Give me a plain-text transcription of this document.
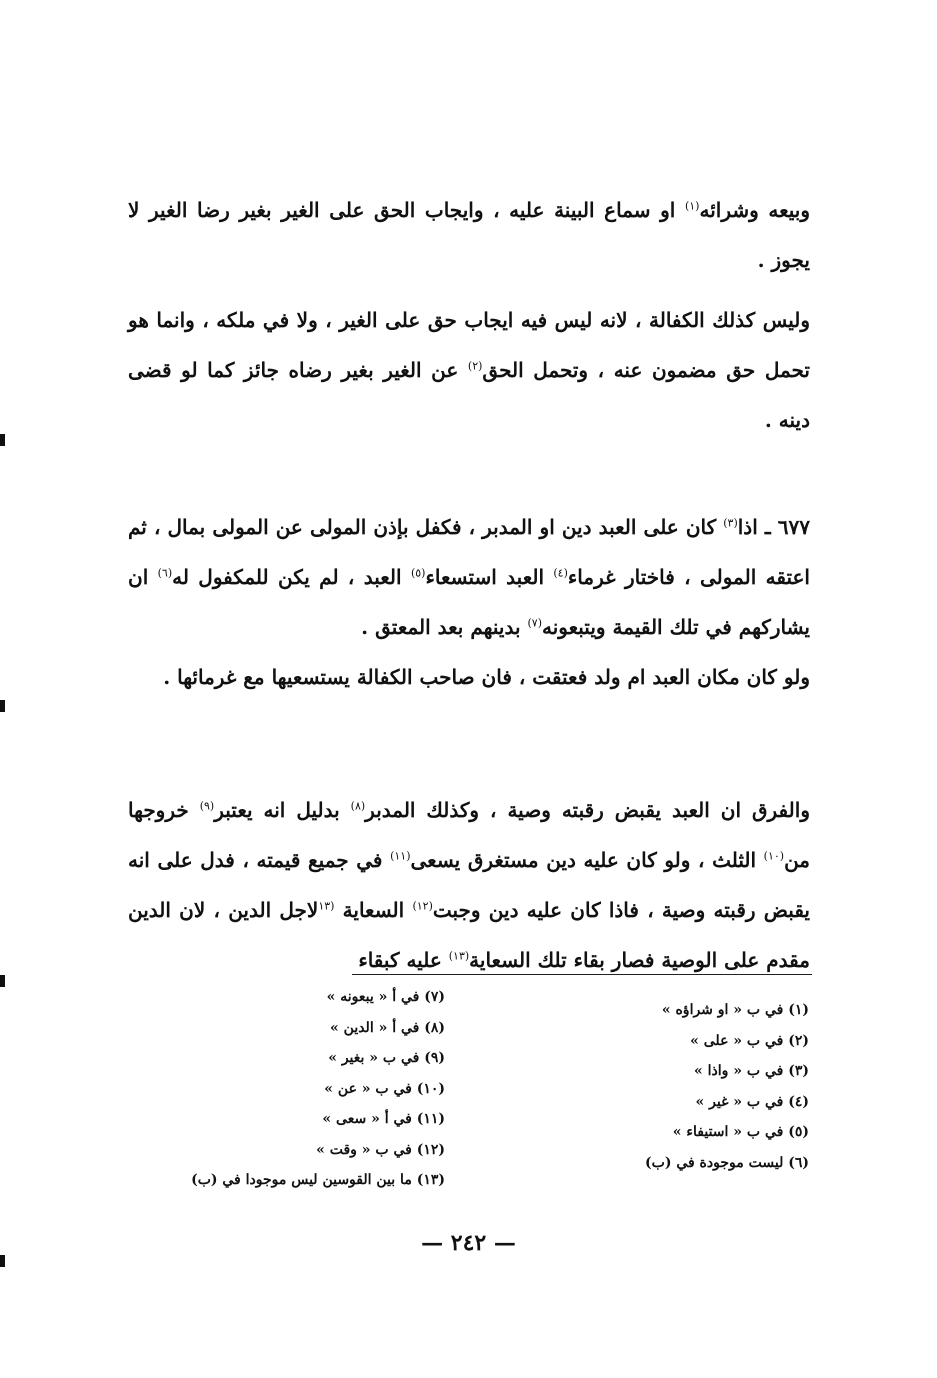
وبيعه وشرائه$^{(١)}$ او سماع البينة عليه ، وايجاب الحق على الغير بغير رضا الغير لا يجوز .

وليس كذلك الكفالة ، لانه ليس فيه ايجاب حق على الغير ، ولا في ملكه ، وانما هو تحمل حق مضمون عنه ، وتحمل الحق$^{(٢)}$ عن الغير بغير رضاه جائز كما لو قضى دينه .

٦٧٧ ـ اذا$^{(٣)}$ كان على العبد دين او المدبر ، فكفل بإذن المولى عن المولى بمال ، ثم اعتقه المولى ، فاختار غرماء$^{(٤)}$ العبد استسعاء$^{(٥)}$ العبد ، لم يكن للمكفول له$^{(٦)}$ ان يشاركهم في تلك القيمة ويتبعونه$^{(٧)}$ بدينهم بعد المعتق .

ولو كان مكان العبد ام ولد فعتقت ، فان صاحب الكفالة يستسعيها مع غرمائها .

والفرق ان العبد يقبض رقبته وصية ، وكذلك المدبر$^{(٨)}$ بدليل انه يعتبر$^{(٩)}$ خروجها من$^{(١٠)}$ الثلث ، ولو كان عليه دين مستغرق يسعى$^{(١١)}$ في جميع قيمته ، فدل على انه يقبض رقبته وصية ، فاذا كان عليه دين وجبت$^{(١٢)}$ السعاية $^{(١٣}$لاجل الدين ، لان الدين مقدم على الوصية فصار بقاء تلك السعاية$^{(١٣)}$ عليه كبقاء

(١) في ب « او شراؤه »
(٢) في ب « على »
(٣) في ب « واذا »
(٤) في ب « غير »
(٥) في ب « استيفاء »
(٦) ليست موجودة في (ب)
(٧) في أ « يبعونه »
(٨) في أ « الدين »
(٩) في ب « بغير »
(١٠) في ب « عن »
(١١) في أ « سعى »
(١٢) في ب « وقت »
(١٣) ما بين القوسين ليس موجودا في (ب)
— ٢٤٢ —
